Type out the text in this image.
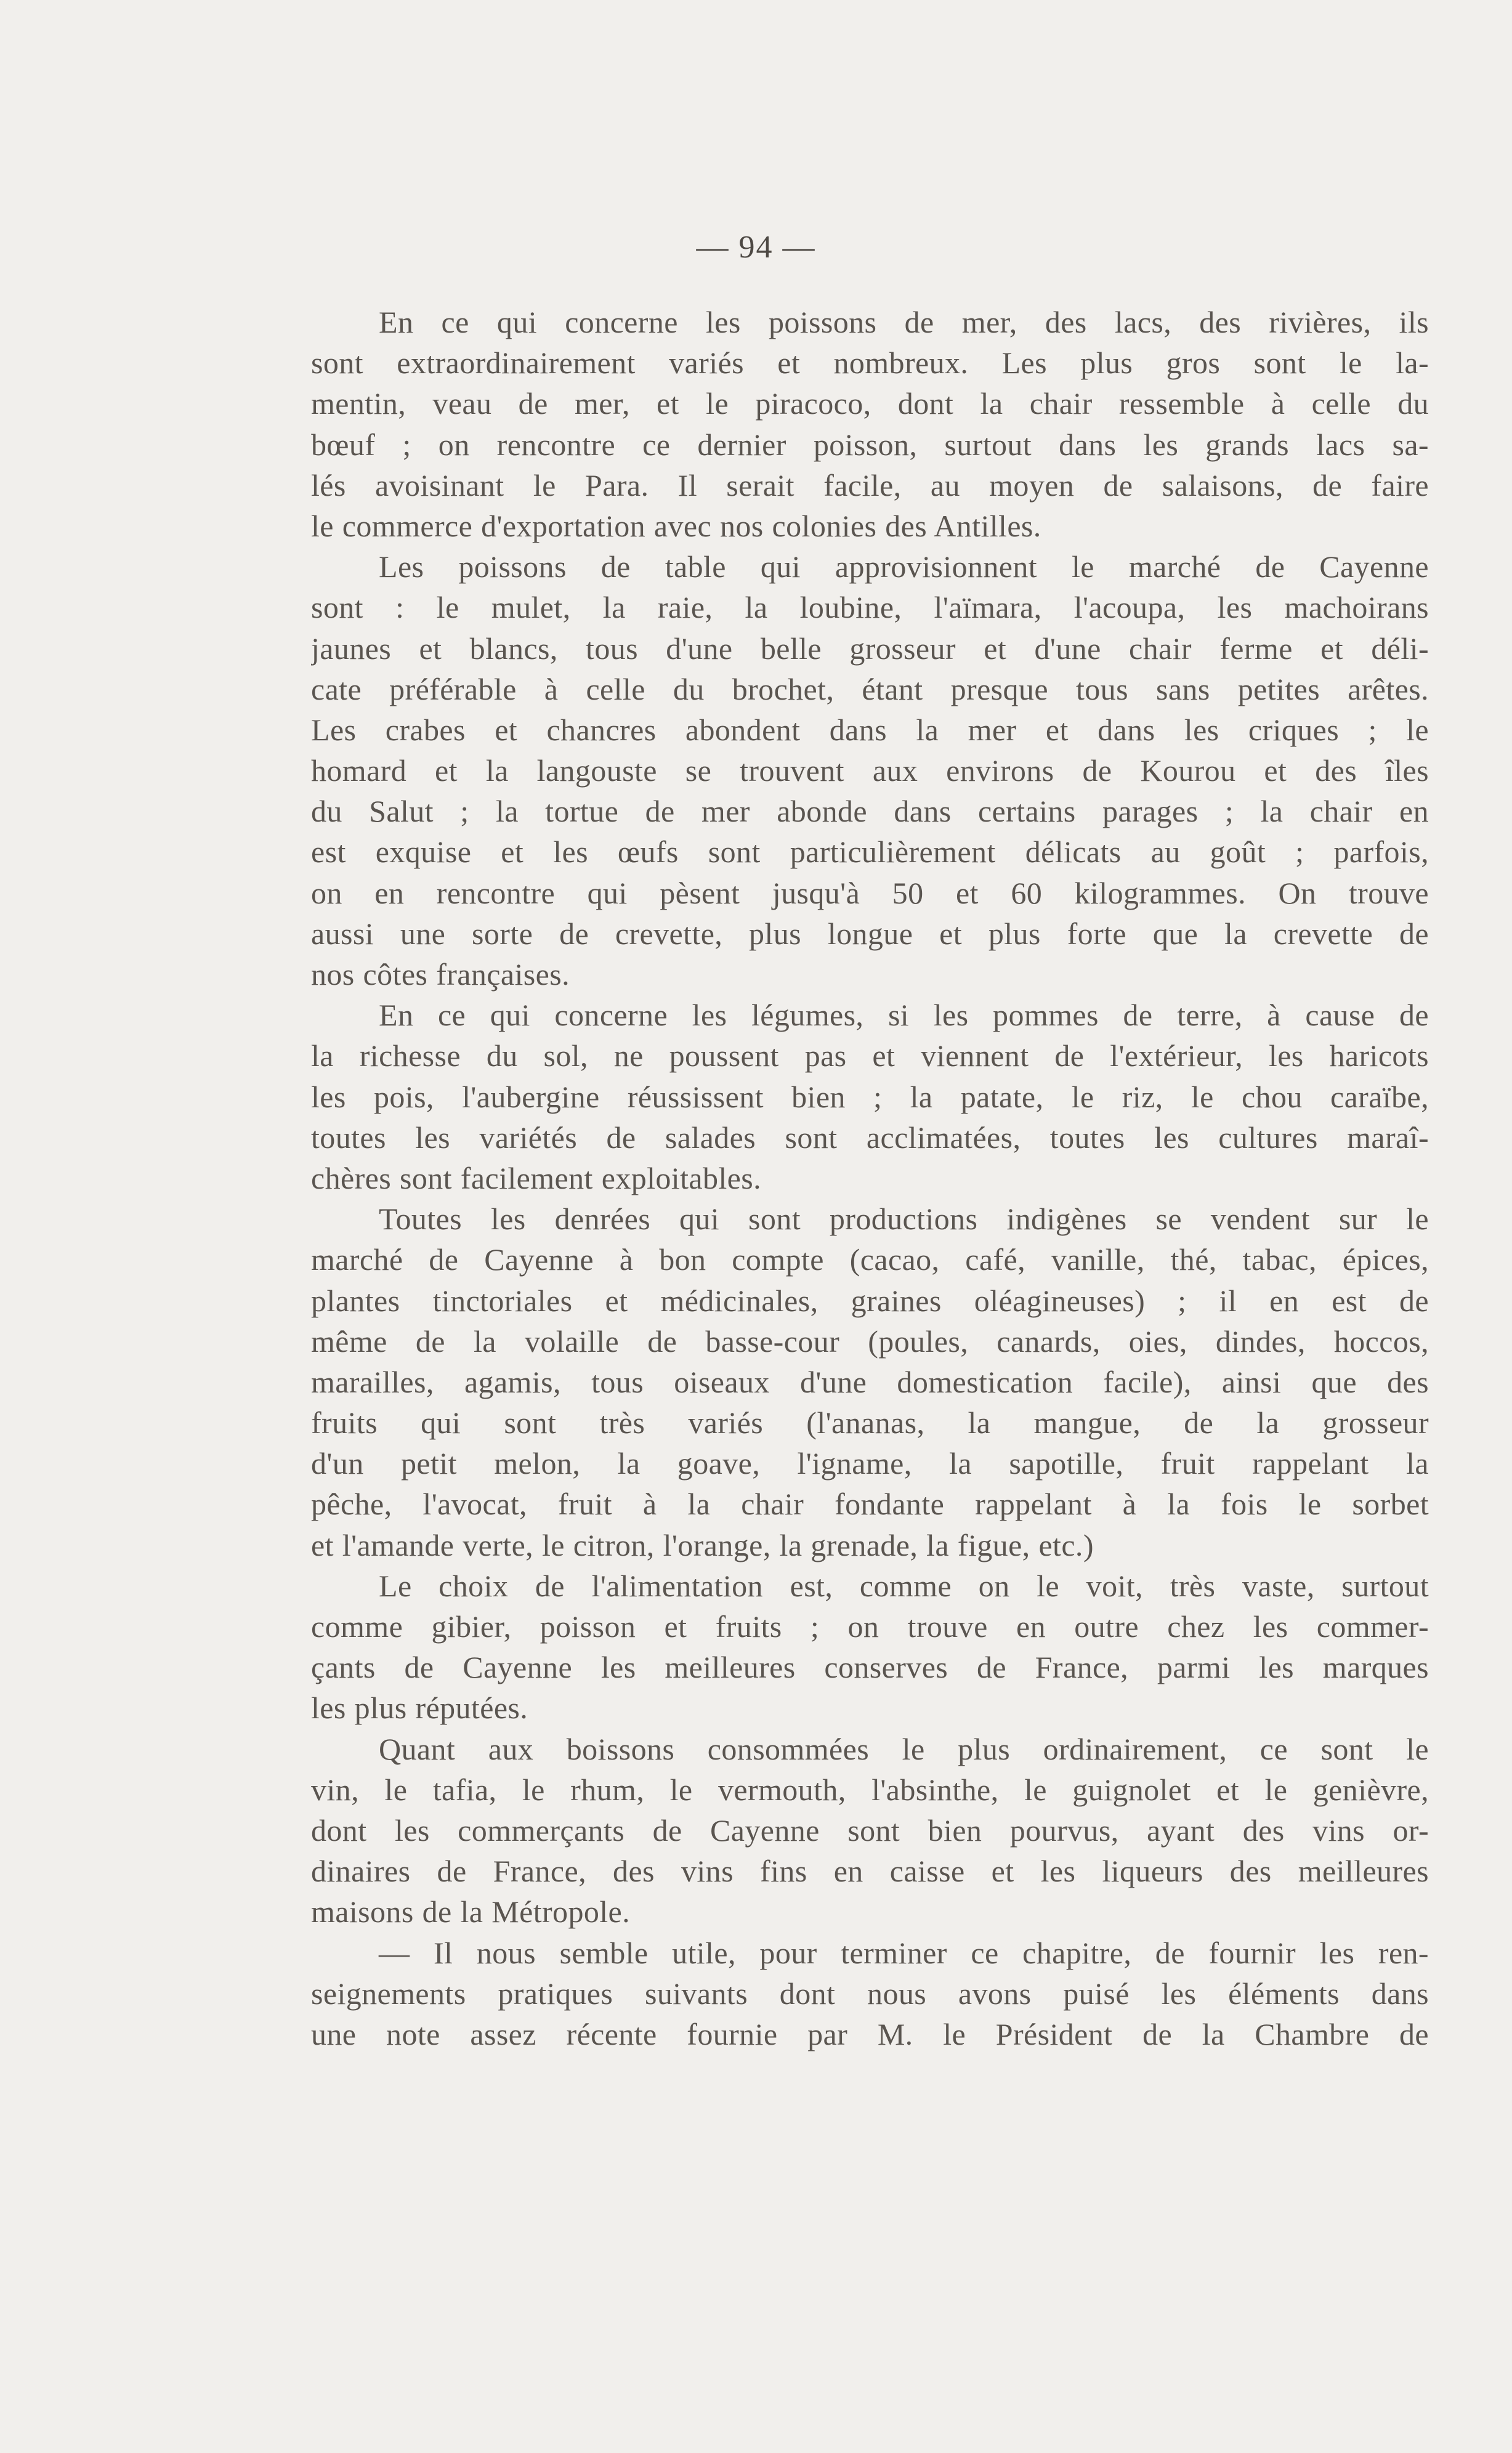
— 94 —
En ce qui concerne les poissons de mer, des lacs, des rivières, ils
sont extraordinairement variés et nombreux. Les plus gros sont le la-
mentin, veau de mer, et le piracoco, dont la chair ressemble à celle du
bœuf ; on rencontre ce dernier poisson, surtout dans les grands lacs sa-
lés avoisinant le Para. Il serait facile, au moyen de salaisons, de faire
le commerce d'exportation avec nos colonies des Antilles.
Les poissons de table qui approvisionnent le marché de Cayenne
sont : le mulet, la raie, la loubine, l'aïmara, l'acoupa, les machoirans
jaunes et blancs, tous d'une belle grosseur et d'une chair ferme et déli-
cate préférable à celle du brochet, étant presque tous sans petites arêtes.
Les crabes et chancres abondent dans la mer et dans les criques ; le
homard et la langouste se trouvent aux environs de Kourou et des îles
du Salut ; la tortue de mer abonde dans certains parages ; la chair en
est exquise et les œufs sont particulièrement délicats au goût ; parfois,
on en rencontre qui pèsent jusqu'à 50 et 60 kilogrammes. On trouve
aussi une sorte de crevette, plus longue et plus forte que la crevette de
nos côtes françaises.
En ce qui concerne les légumes, si les pommes de terre, à cause de
la richesse du sol, ne poussent pas et viennent de l'extérieur, les haricots
les pois, l'aubergine réussissent bien ; la patate, le riz, le chou caraïbe,
toutes les variétés de salades sont acclimatées, toutes les cultures maraî-
chères sont facilement exploitables.
Toutes les denrées qui sont productions indigènes se vendent sur le
marché de Cayenne à bon compte (cacao, café, vanille, thé, tabac, épices,
plantes tinctoriales et médicinales, graines oléagineuses) ; il en est de
même de la volaille de basse-cour (poules, canards, oies, dindes, hoccos,
marailles, agamis, tous oiseaux d'une domestication facile), ainsi que des
fruits qui sont très variés (l'ananas, la mangue, de la grosseur
d'un petit melon, la goave, l'igname, la sapotille, fruit rappelant la
pêche, l'avocat, fruit à la chair fondante rappelant à la fois le sorbet
et l'amande verte, le citron, l'orange, la grenade, la figue, etc.)
Le choix de l'alimentation est, comme on le voit, très vaste, surtout
comme gibier, poisson et fruits ; on trouve en outre chez les commer-
çants de Cayenne les meilleures conserves de France, parmi les marques
les plus réputées.
Quant aux boissons consommées le plus ordinairement, ce sont le
vin, le tafia, le rhum, le vermouth, l'absinthe, le guignolet et le genièvre,
dont les commerçants de Cayenne sont bien pourvus, ayant des vins or-
dinaires de France, des vins fins en caisse et les liqueurs des meilleures
maisons de la Métropole.
— Il nous semble utile, pour terminer ce chapitre, de fournir les ren-
seignements pratiques suivants dont nous avons puisé les éléments dans
une note assez récente fournie par M. le Président de la Chambre de
